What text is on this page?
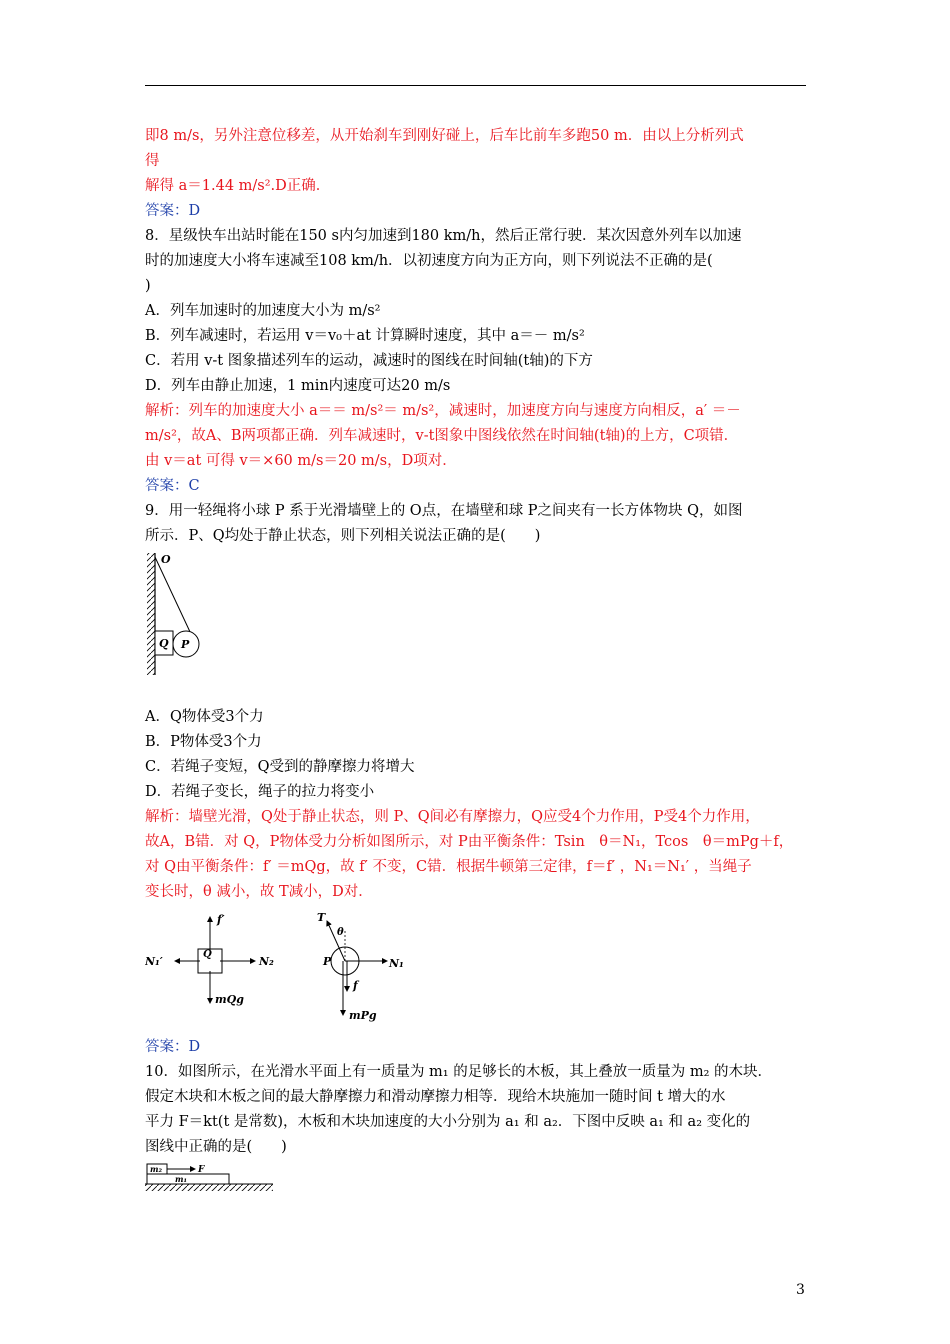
即8 m/s，另外注意位移差，从开始刹车到刚好碰上，后车比前车多跑50 m．由以上分析列式

得

解得 a＝1.44 m/s².D正确．

答案：D

8．星级快车出站时能在150 s内匀加速到180 km/h，然后正常行驶．某次因意外列车以加速

时的加速度大小将车速减至108 km/h．以初速度方向为正方向，则下列说法不正确的是(

)

A．列车加速时的加速度大小为 m/s²

B．列车减速时，若运用 v＝v₀＋at 计算瞬时速度，其中 a＝－ m/s²

C．若用 v-t 图象描述列车的运动，减速时的图线在时间轴(t轴)的下方

D．列车由静止加速，1 min内速度可达20 m/s

解析：列车的加速度大小 a＝＝ m/s²＝ m/s²，减速时，加速度方向与速度方向相反，a′ ＝－

m/s²，故A、B两项都正确．列车减速时，v-t图象中图线依然在时间轴(t轴)的上方，C项错．

由 v＝at 可得 v＝×60 m/s＝20 m/s，D项对．

答案：C

9．用一轻绳将小球 P 系于光滑墙壁上的 O点，在墙壁和球 P之间夹有一长方体物块 Q，如图

所示．P、Q均处于静止状态，则下列相关说法正确的是(　　)

O
Q P

A．Q物体受3个力

B．P物体受3个力

C．若绳子变短，Q受到的静摩擦力将增大

D．若绳子变长，绳子的拉力将变小

解析：墙壁光滑，Q处于静止状态，则 P、Q间必有摩擦力，Q应受4个力作用，P受4个力作用，

故A，B错．对 Q，P物体受力分析如图所示，对 P由平衡条件：Tsin　θ＝N₁，Tcos　θ＝mPg＋f，

对 Q由平衡条件：f′ ＝mQg，故 f′ 不变，C错．根据牛顿第三定律，f＝f′ ，N₁＝N₁′ ，当绳子

变长时，θ 减小，故 T减小，D对．

f′
N₁′	N₂
Q
mQg
T
θ
P	N₁
f
mPg

答案：D

10．如图所示，在光滑水平面上有一质量为 m₁ 的足够长的木板，其上叠放一质量为 m₂ 的木块．

假定木块和木板之间的最大静摩擦力和滑动摩擦力相等．现给木块施加一随时间 t 增大的水

平力 F＝kt(t 是常数)，木板和木块加速度的大小分别为 a₁ 和 a₂．下图中反映 a₁ 和 a₂ 变化的

图线中正确的是(　　)

m₂
m₁
F
3
